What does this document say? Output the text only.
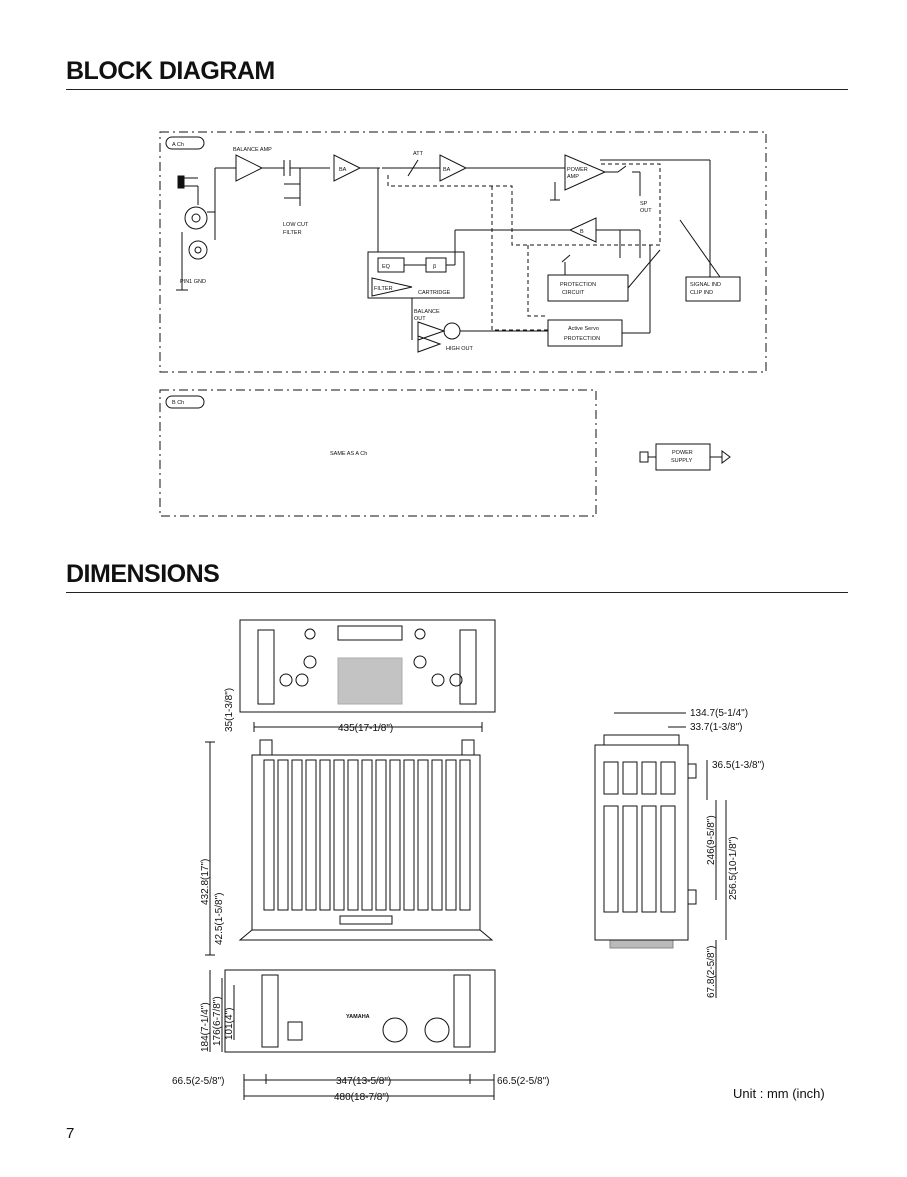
BLOCK DIAGRAM
DIMENSIONS
A Ch
BALANCE AMP
ATT
BA	BA	POWER
AMP
SP
OUT
B
LOW CUT
FILTER
PIN1 GND
EQ	β
FILTER
CARTRIDGE
BALANCE
OUT
HIGH OUT
PROTECTION
CIRCUIT
Active Servo
PROTECTION
SIGNAL IND
CLIP IND
B Ch
SAME AS A Ch	POWER
SUPPLY
35(1-3/8")	435(17-1/8")
432.8(17")
42.5(1-5/8")
184(7-1/4") 176(6-7/8") 101(4")
66.5(2-5/8")	347(13-5/8")	66.5(2-5/8")
480(18-7/8")
134.7(5-1/4")
33.7(1-3/8")
36.5(1-3/8")
246(9-5/8") 256.5(10-1/8")
67.8(2-5/8")
YAMAHA
Unit : mm (inch)
7
